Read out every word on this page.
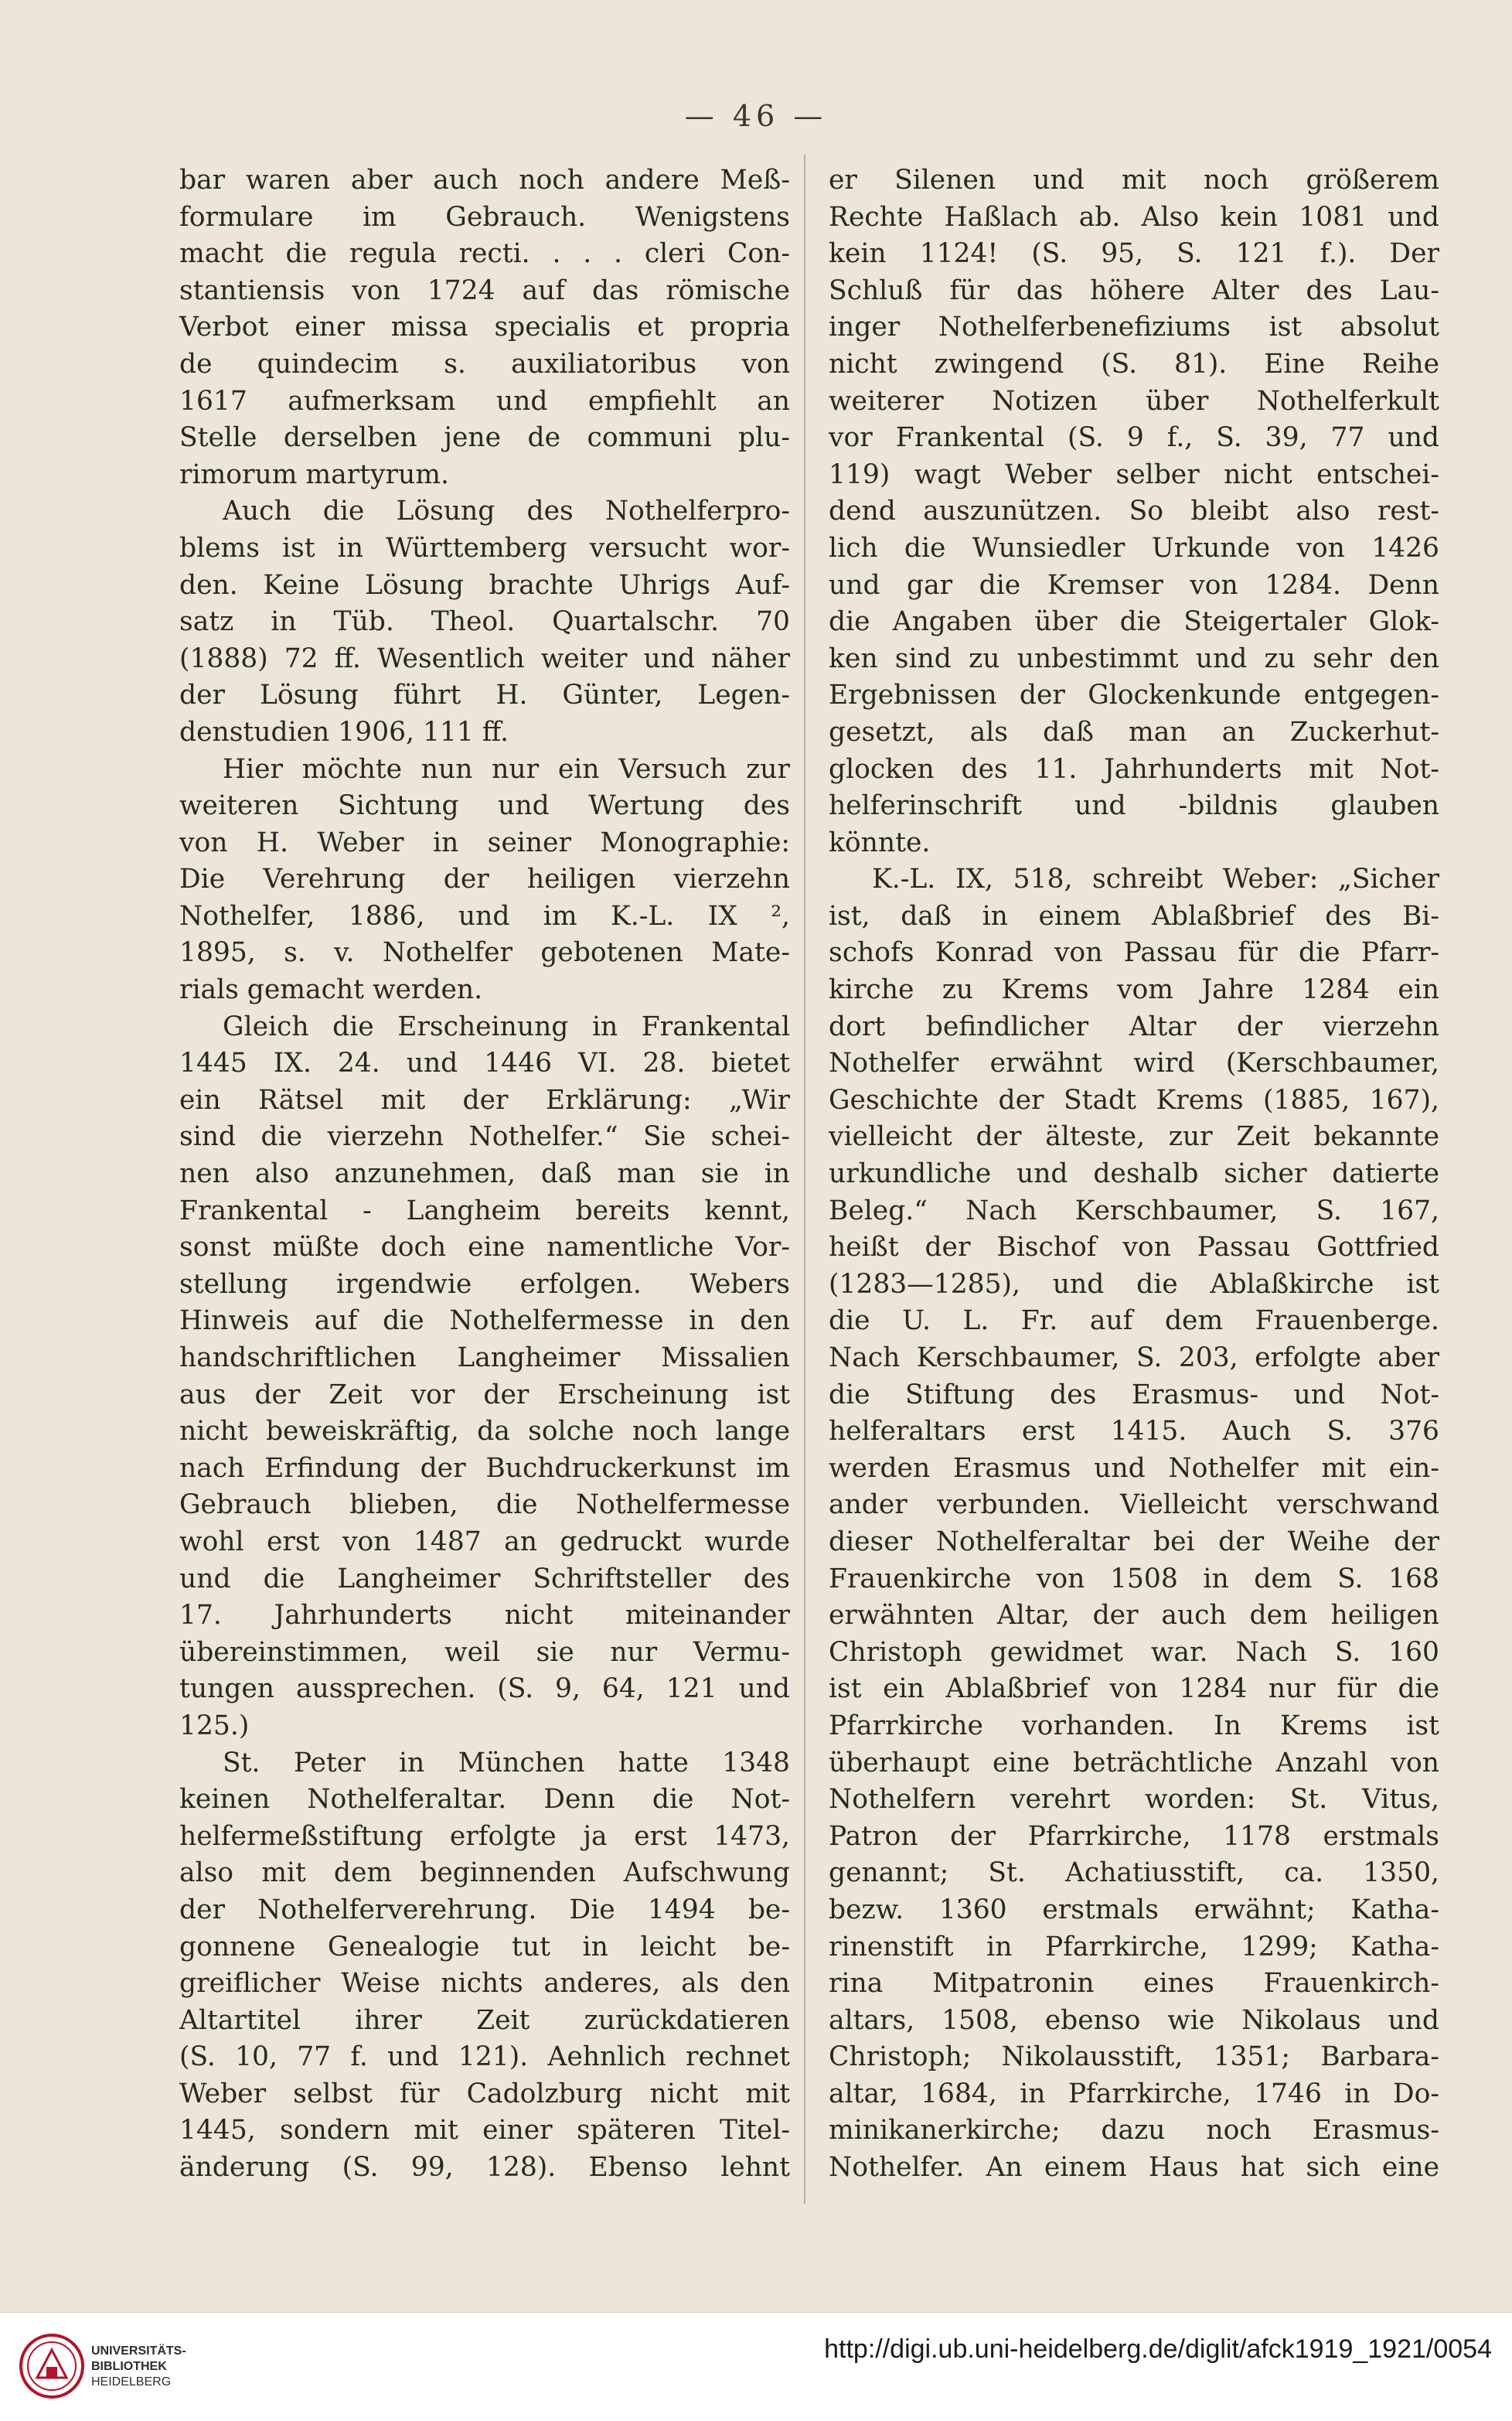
— 46 —

bar waren aber auch noch andere Meß-

formulare im Gebrauch. Wenigstens

macht die regula recti. . . . cleri Con-

stantiensis von 1724 auf das römische

Verbot einer missa specialis et propria

de quindecim s. auxiliatoribus von

1617 aufmerksam und empfiehlt an

Stelle derselben jene de communi plu-

rimorum martyrum.

Auch die Lösung des Nothelferpro-

blems ist in Württemberg versucht wor-

den. Keine Lösung brachte Uhrigs Auf-

satz in Tüb. Theol. Quartalschr. 70

(1888) 72 ff. Wesentlich weiter und näher

der Lösung führt H. Günter, Legen-

denstudien 1906, 111 ff.

Hier möchte nun nur ein Versuch zur

weiteren Sichtung und Wertung des

von H. Weber in seiner Monographie:

Die Verehrung der heiligen vierzehn

Nothelfer, 1886, und im K.-L. IX ²,

1895, s. v. Nothelfer gebotenen Mate-

rials gemacht werden.

Gleich die Erscheinung in Frankental

1445 IX. 24. und 1446 VI. 28. bietet

ein Rätsel mit der Erklärung: „Wir

sind die vierzehn Nothelfer.“ Sie schei-

nen also anzunehmen, daß man sie in

Frankental - Langheim bereits kennt,

sonst müßte doch eine namentliche Vor-

stellung irgendwie erfolgen. Webers

Hinweis auf die Nothelfermesse in den

handschriftlichen Langheimer Missalien

aus der Zeit vor der Erscheinung ist

nicht beweiskräftig, da solche noch lange

nach Erfindung der Buchdruckerkunst im

Gebrauch blieben, die Nothelfermesse

wohl erst von 1487 an gedruckt wurde

und die Langheimer Schriftsteller des

17. Jahrhunderts nicht miteinander

übereinstimmen, weil sie nur Vermu-

tungen aussprechen. (S. 9, 64, 121 und

125.)

St. Peter in München hatte 1348

keinen Nothelferaltar. Denn die Not-

helfermeßstiftung erfolgte ja erst 1473,

also mit dem beginnenden Aufschwung

der Nothelferverehrung. Die 1494 be-

gonnene Genealogie tut in leicht be-

greiflicher Weise nichts anderes, als den

Altartitel ihrer Zeit zurückdatieren

(S. 10, 77 f. und 121). Aehnlich rechnet

Weber selbst für Cadolzburg nicht mit

1445, sondern mit einer späteren Titel-

änderung (S. 99, 128). Ebenso lehnt

er Silenen und mit noch größerem

Rechte Haßlach ab. Also kein 1081 und

kein 1124! (S. 95, S. 121 f.). Der

Schluß für das höhere Alter des Lau-

inger Nothelferbenefiziums ist absolut

nicht zwingend (S. 81). Eine Reihe

weiterer Notizen über Nothelferkult

vor Frankental (S. 9 f., S. 39, 77 und

119) wagt Weber selber nicht entschei-

dend auszunützen. So bleibt also rest-

lich die Wunsiedler Urkunde von 1426

und gar die Kremser von 1284. Denn

die Angaben über die Steigertaler Glok-

ken sind zu unbestimmt und zu sehr den

Ergebnissen der Glockenkunde entgegen-

gesetzt, als daß man an Zuckerhut-

glocken des 11. Jahrhunderts mit Not-

helferinschrift und -bildnis glauben

könnte.

K.-L. IX, 518, schreibt Weber: „Sicher

ist, daß in einem Ablaßbrief des Bi-

schofs Konrad von Passau für die Pfarr-

kirche zu Krems vom Jahre 1284 ein

dort befindlicher Altar der vierzehn

Nothelfer erwähnt wird (Kerschbaumer,

Geschichte der Stadt Krems (1885, 167),

vielleicht der älteste, zur Zeit bekannte

urkundliche und deshalb sicher datierte

Beleg.“ Nach Kerschbaumer, S. 167,

heißt der Bischof von Passau Gottfried

(1283—1285), und die Ablaßkirche ist

die U. L. Fr. auf dem Frauenberge.

Nach Kerschbaumer, S. 203, erfolgte aber

die Stiftung des Erasmus- und Not-

helferaltars erst 1415. Auch S. 376

werden Erasmus und Nothelfer mit ein-

ander verbunden. Vielleicht verschwand

dieser Nothelferaltar bei der Weihe der

Frauenkirche von 1508 in dem S. 168

erwähnten Altar, der auch dem heiligen

Christoph gewidmet war. Nach S. 160

ist ein Ablaßbrief von 1284 nur für die

Pfarrkirche vorhanden. In Krems ist

überhaupt eine beträchtliche Anzahl von

Nothelfern verehrt worden: St. Vitus,

Patron der Pfarrkirche, 1178 erstmals

genannt; St. Achatiusstift, ca. 1350,

bezw. 1360 erstmals erwähnt; Katha-

rinenstift in Pfarrkirche, 1299; Katha-

rina Mitpatronin eines Frauenkirch-

altars, 1508, ebenso wie Nikolaus und

Christoph; Nikolausstift, 1351; Barbara-

altar, 1684, in Pfarrkirche, 1746 in Do-

minikanerkirche; dazu noch Erasmus-

Nothelfer. An einem Haus hat sich eine

UNIVERSITÄTS-
BIBLIOTHEK
HEIDELBERG
http://digi.ub.uni-heidelberg.de/diglit/afck1919_1921/0054
